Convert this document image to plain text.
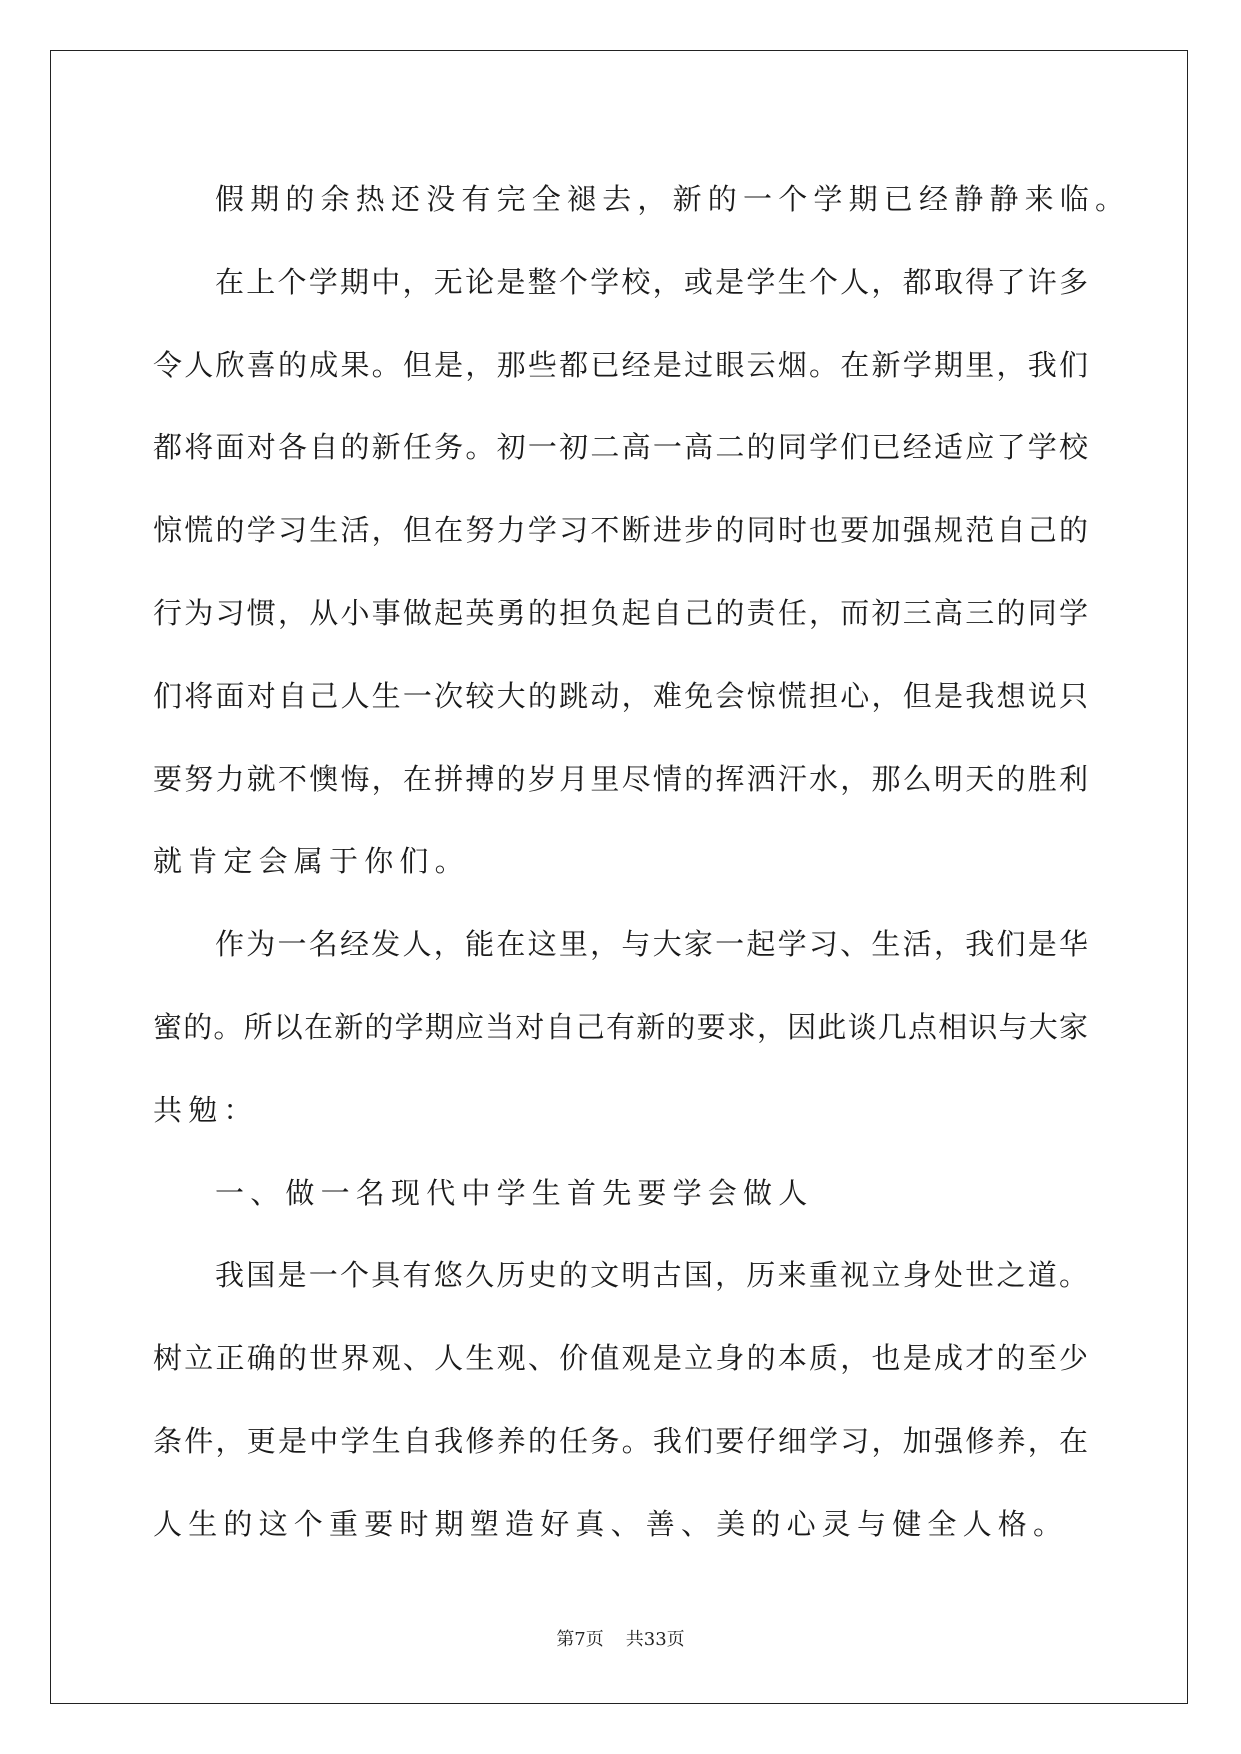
假期的余热还没有完全褪去，新的一个学期已经静静来临。
在上个学期中，无论是整个学校，或是学生个人，都取得了许多
令人欣喜的成果。但是，那些都已经是过眼云烟。在新学期里，我们
都将面对各自的新任务。初一初二高一高二的同学们已经适应了学校
惊慌的学习生活，但在努力学习不断进步的同时也要加强规范自己的
行为习惯，从小事做起英勇的担负起自己的责任，而初三高三的同学
们将面对自己人生一次较大的跳动，难免会惊慌担心，但是我想说只
要努力就不懊悔，在拼搏的岁月里尽情的挥洒汗水，那么明天的胜利
就肯定会属于你们。
作为一名经发人，能在这里，与大家一起学习、生活，我们是华
蜜的。所以在新的学期应当对自己有新的要求，因此谈几点相识与大家
共勉：
一、做一名现代中学生首先要学会做人
我国是一个具有悠久历史的文明古国，历来重视立身处世之道。
树立正确的世界观、人生观、价值观是立身的本质，也是成才的至少
条件，更是中学生自我修养的任务。我们要仔细学习，加强修养，在
人生的这个重要时期塑造好真、善、美的心灵与健全人格。
第7页 共33页
